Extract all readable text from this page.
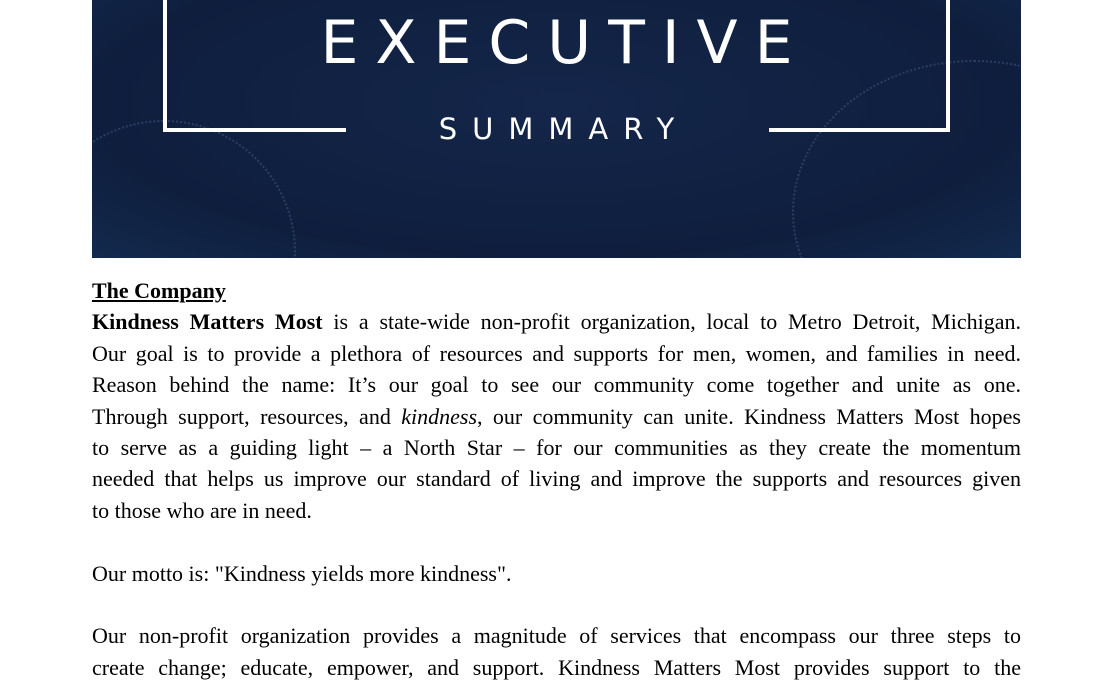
EXECUTIVE
SUMMARY
The Company
Kindness Matters Most is a state-wide non-profit organization, local to Metro Detroit, Michigan.
Our goal is to provide a plethora of resources and supports for men, women, and families in need.
Reason behind the name: It’s our goal to see our community come together and unite as one.
Through support, resources, and kindness, our community can unite. Kindness Matters Most hopes
to serve as a guiding light – a North Star – for our communities as they create the momentum
needed that helps us improve our standard of living and improve the supports and resources given
to those who are in need.
Our motto is: "Kindness yields more kindness".
Our non-profit organization provides a magnitude of services that encompass our three steps to
create change; educate, empower, and support. Kindness Matters Most provides support to the
